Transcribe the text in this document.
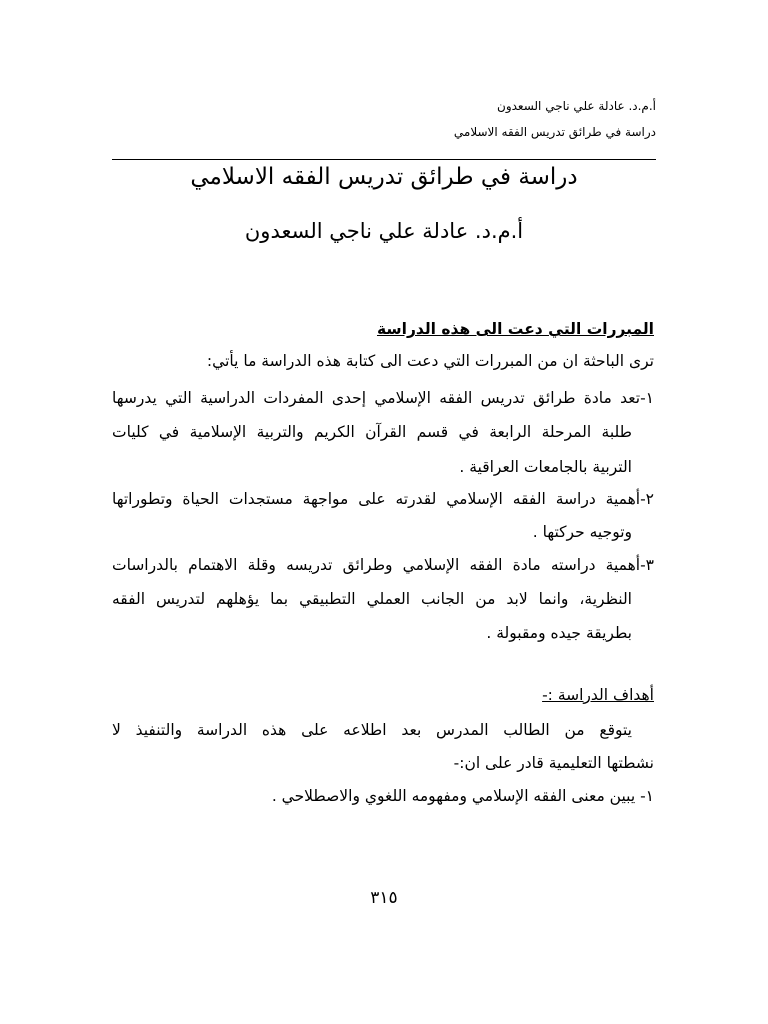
أ.م.د. عادلة علي ناجي السعدون
دراسة في طرائق تدريس الفقه الاسلامي
دراسة في طرائق تدريس الفقه الاسلامي
أ.م.د. عادلة علي ناجي السعدون
المبررات التي دعت الى هذه الدراسة
ترى الباحثة ان من المبررات التي دعت الى كتابة هذه الدراسة ما يأتي:
١-تعد مادة طرائق تدريس الفقه الإسلامي إحدى المفردات الدراسية التي يدرسها
طلبة المرحلة الرابعة في قسم القرآن الكريم والتربية الإسلامية في كليات
التربية بالجامعات العراقية .
٢-أهمية دراسة الفقه الإسلامي لقدرته على مواجهة مستجدات الحياة وتطوراتها
وتوجيه حركتها .
٣-أهمية دراسته مادة الفقه الإسلامي وطرائق تدريسه وقلة الاهتمام بالدراسات
النظرية، وانما لابد من الجانب العملي التطبيقي بما يؤهلهم لتدريس الفقه
بطريقة جيده ومقبولة .
أهداف الدراسة :-
يتوقع من الطالب المدرس بعد اطلاعه على هذه الدراسة والتنفيذ لا
نشطتها التعليمية قادر على ان:-
١- يبين معنى الفقه الإسلامي ومفهومه اللغوي والاصطلاحي .
٣١٥
